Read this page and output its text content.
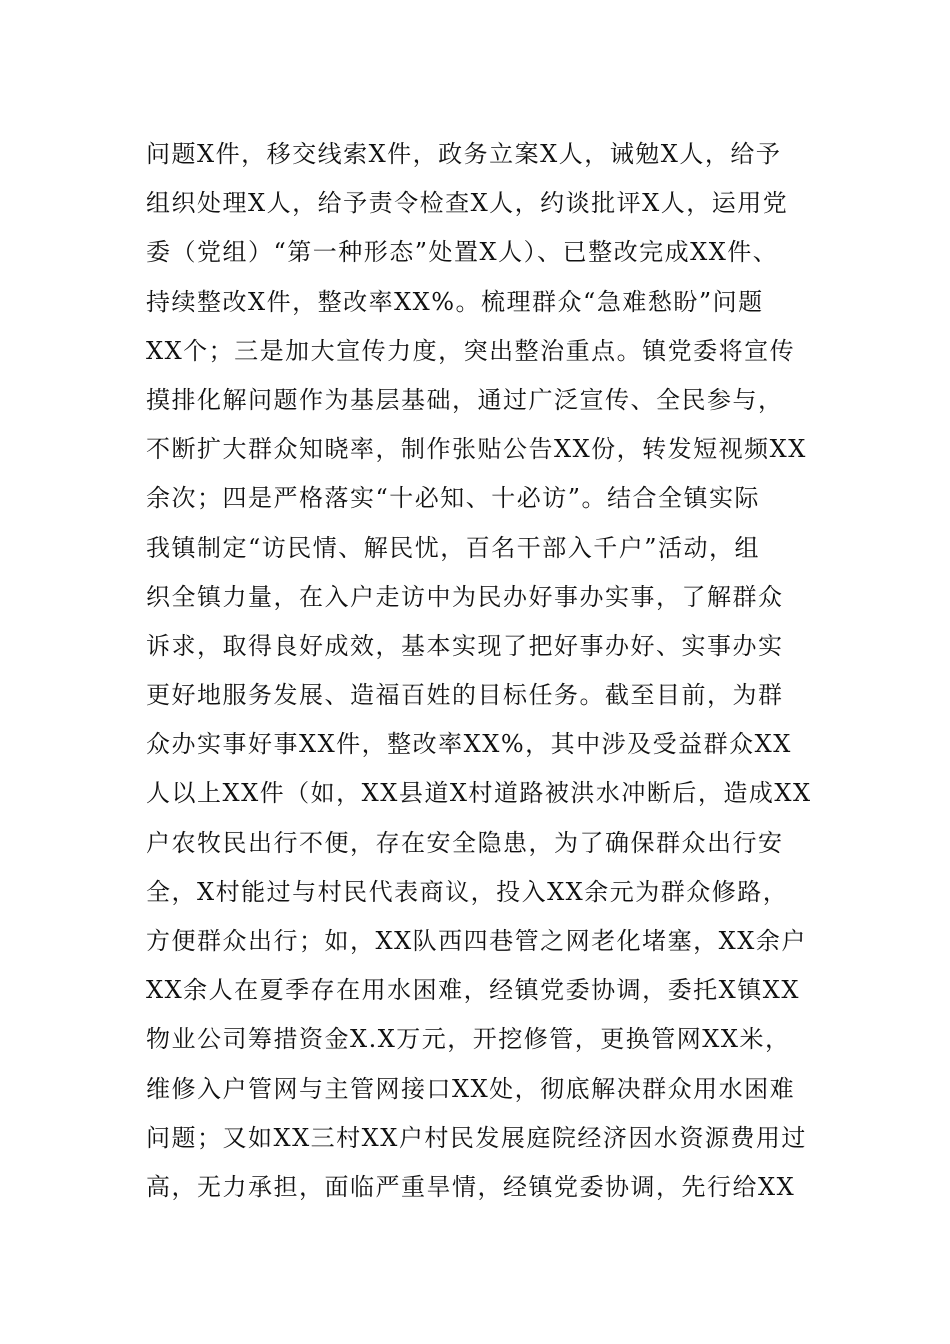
问题X件，移交线索X件，政务立案X人，诫勉X人，给予
组织处理X人，给予责令检查X人，约谈批评X人，运用党
委（党组）“第一种形态”处置X人）、已整改完成XX件、
持续整改X件，整改率XX%。梳理群众“急难愁盼”问题
XX个；三是加大宣传力度，突出整治重点。镇党委将宣传
摸排化解问题作为基层基础，通过广泛宣传、全民参与，
不断扩大群众知晓率，制作张贴公告XX份，转发短视频XX
余次；四是严格落实“十必知、十必访”。结合全镇实际
我镇制定“访民情、解民忧，百名干部入千户”活动，组
织全镇力量，在入户走访中为民办好事办实事，了解群众
诉求，取得良好成效，基本实现了把好事办好、实事办实
更好地服务发展、造福百姓的目标任务。截至目前，为群
众办实事好事XX件，整改率XX%，其中涉及受益群众XX
人以上XX件（如，XX县道X村道路被洪水冲断后，造成XX
户农牧民出行不便，存在安全隐患，为了确保群众出行安
全，X村能过与村民代表商议，投入XX余元为群众修路，
方便群众出行；如，XX队西四巷管之网老化堵塞，XX余户
XX余人在夏季存在用水困难，经镇党委协调，委托X镇XX
物业公司筹措资金X.X万元，开挖修管，更换管网XX米，
维修入户管网与主管网接口XX处，彻底解决群众用水困难
问题；又如XX三村XX户村民发展庭院经济因水资源费用过
高，无力承担，面临严重旱情，经镇党委协调，先行给XX
